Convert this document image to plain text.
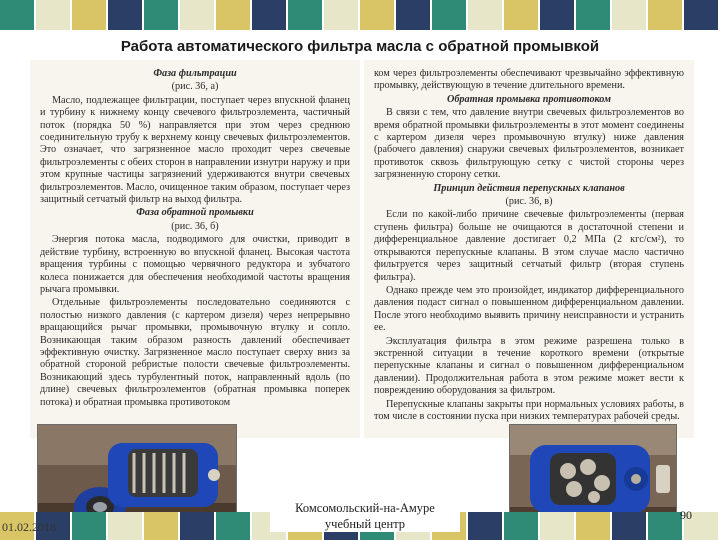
Работа автоматического фильтра масла с обратной промывкой

Фаза фильтрации

(рис. 36, а)

Масло, подлежащее фильтрации, поступает через впускной фланец и турбину к нижнему концу свечевого фильтроэлемента, частичный поток (порядка 50 %) направляется при этом через среднюю соединительную трубу к верхнему концу свечевых фильтроэлементов. Это означает, что загрязненное масло проходит через свечевые фильтроэлементы с обеих сторон в направлении изнутри наружу и при этом крупные частицы загрязнений удерживаются внутри свечевых фильтроэлементов. Масло, очищенное таким образом, поступает через защитный сетчатый фильтр на выход фильтра.

Фаза обратной промывки

(рис. 36, б)

Энергия потока масла, подводимого для очистки, приводит в действие турбину, встроенную во впускной фланец. Высокая частота вращения турбины с помощью червячного редуктора и зубчатого колеса понижается для обеспечения необходимой частоты вращения рычага промывки.

Отдельные фильтроэлементы последовательно соединяются с полостью низкого давления (с картером дизеля) через непрерывно вращающийся рычаг промывки, промывочную втулку и сопло. Возникающая таким образом разность давлений обеспечивает эффективную очистку. Загрязненное масло поступает сверху вниз за обратной стороной ребристые полости свечевые фильтроэлементы. Возникающий здесь турбулентный поток, направленный вдоль (по длине) свечевых фильтроэлементов (обратная промывка поперек потока) и обратная промывка противотоком

ком через фильтроэлементы обеспечивают чрезвычайно эффективную промывку, действующую в течение длительного времени.

Обратная промывка противотоком

В связи с тем, что давление внутри свечевых фильтроэлементов во время обратной промывки фильтроэлементы в этот момент соединены с картером дизеля через промывочную втулку) ниже давления (рабочего давления) снаружи свечевых фильтроэлементов, возникает противоток сквозь фильтрующую сетку с чистой стороны через загрязненную сторону сетки.

Принцип действия перепускных клапанов

(рис. 36, в)

Если по какой-либо причине свечевые фильтроэлементы (первая ступень фильтра) больше не очищаются в достаточной степени и дифференциальное давление достигает 0,2 МПа (2 кгс/см²), то открываются перепускные клапаны. В этом случае масло частично фильтруется через защитный сетчатый фильтр (вторая ступень фильтра).

Однако прежде чем это произойдет, индикатор дифференциального давления подаст сигнал о повышенном дифференциальном давлении. После этого необходимо выявить причину неисправности и устранить ее.

Эксплуатация фильтра в этом режиме разрешена только в экстренной ситуации в течение короткого времени (открытые перепускные клапаны и сигнал о повышенном дифференциальном давлении). Продолжительная работа в этом режиме может вести к повреждению оборудования за фильтром.

Перепускные клапаны закрыты при нормальных условиях работы, в том числе в состоянии пуска при низких температурах рабочей среды.

Комсомольский-на-Амуре
учебный центр
01.02.2018
90
